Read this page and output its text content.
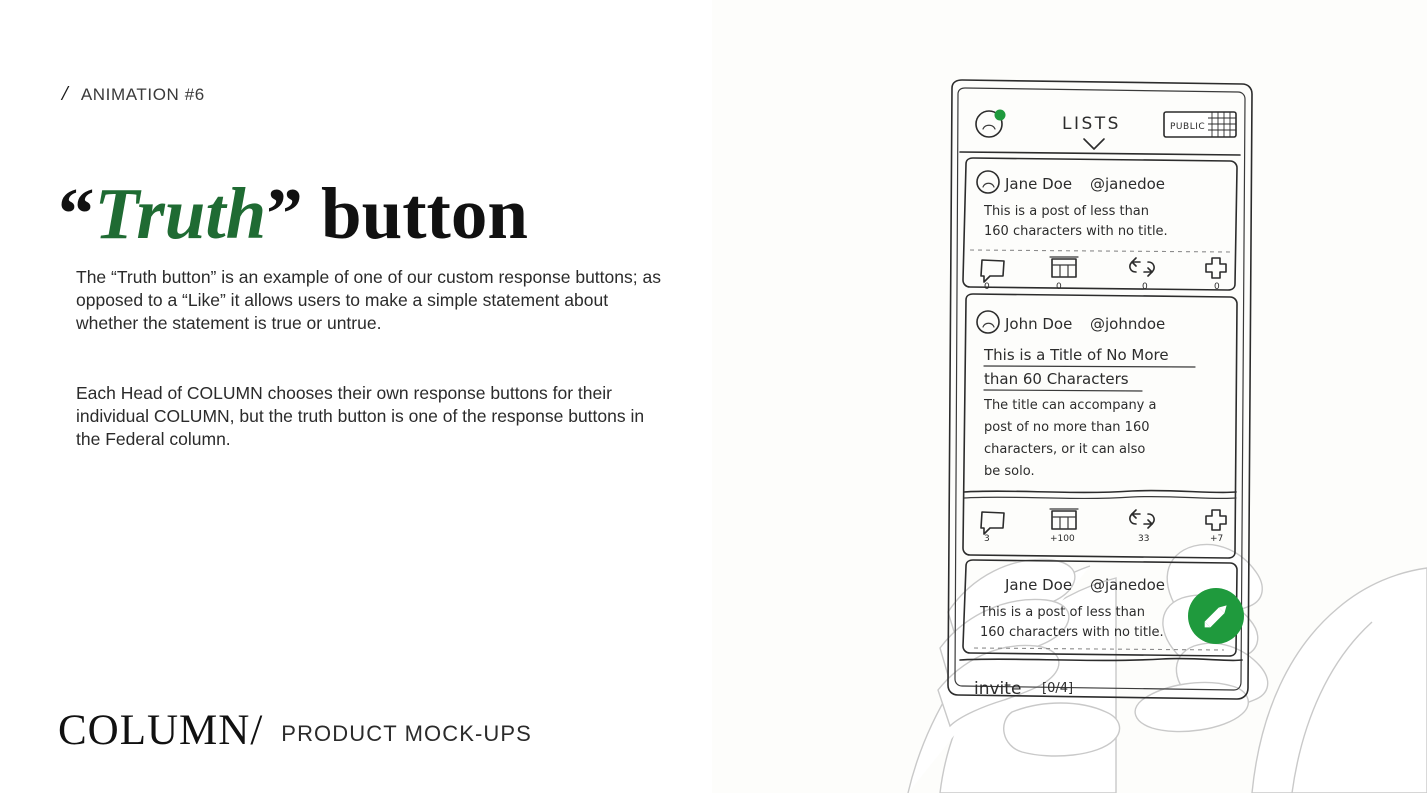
/ ANIMATION #6
“Truth” button

The “Truth button” is an example of one of our custom response buttons; as opposed to a “Like” it allows users to make a simple statement about whether the statement is true or untrue.

Each Head of COLUMN chooses their own response buttons for their individual COLUMN, but the truth button is one of the response buttons in the Federal column.

COLUMN/ PRODUCT MOCK-UPS
LISTS	PUBLIC
Jane Doe @janedoe
This is a post of less than
160 characters with no title.
0	0	0	0
John Doe @johndoe
This is a Title of No More
than 60 Characters
The title can accompany a
post of no more than 160
characters, or it can also
be solo.
3	+100	33	+7
Jane Doe @janedoe
This is a post of less than
160 characters with no title.
invite [0/4]
